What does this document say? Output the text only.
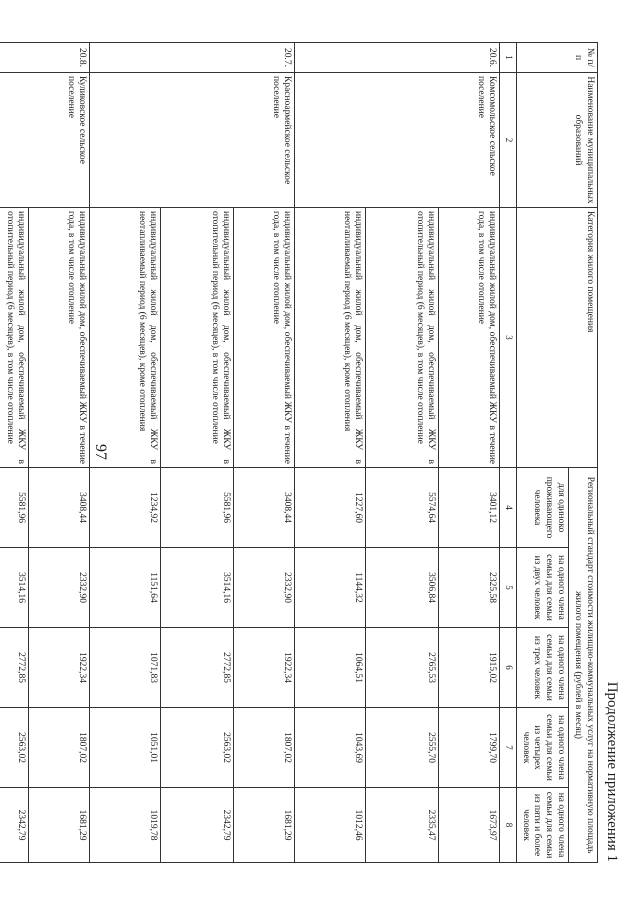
97
Продолжение приложения 1
№ п/п	Наименование муниципальных образований	Категория жилого помещения	Региональный стандарт стоимости жилищно-коммунальных услуг на нормативную площадь жилого помещения (рублей в месяц)				
			для одиноко проживающего человека	на одного члена семьи для семьи из двух человек	на одного члена семьи для семьи из трех человек	на одного члена семьи для семьи из четырех человек	на одного члена семьи для семьи из пяти и более человек
1	2	3	4	5	6	7	8
20.6.	Комсомольское сельское поселение	индивидуальный жилой дом, обеспечиваемый ЖКУ в течение года, в том числе отопление	3401,12	2325,58	1915,02	1799,70	1673,97
		индивидуальный жилой дом, обеспечиваемый ЖКУ в отопительный период (6 месяцев), в том числе отопление	5574,64	3506,84	2765,53	2555,70	2335,47
		индивидуальный жилой дом, обеспечиваемый ЖКУ в неотапливаемый период (6 месяцев), кроме отопления	1227,60	1144,32	1064,51	1043,69	1012,46
20.7.	Красноармейское сельское поселение	индивидуальный жилой дом, обеспечиваемый ЖКУ в течение года, в том числе отопление	3408,44	2332,90	1922,34	1807,02	1681,29
		индивидуальный жилой дом, обеспечиваемый ЖКУ в отопительный период (6 месяцев), в том числе отопление	5581,96	3514,16	2772,85	2563,02	2342,79
		индивидуальный жилой дом, обеспечиваемый ЖКУ в неотапливаемый период (6 месяцев), кроме отопления	1234,92	1151,64	1071,83	1051,01	1019,78
20.8.	Куликовское сельское поселение	индивидуальный жилой дом, обеспечиваемый ЖКУ в течение года, в том числе отопление	3408,44	2332,90	1922,34	1807,02	1681,29
		индивидуальный жилой дом, обеспечиваемый ЖКУ в отопительный период (6 месяцев), в том числе отопление	5581,96	3514,16	2772,85	2563,02	2342,79
